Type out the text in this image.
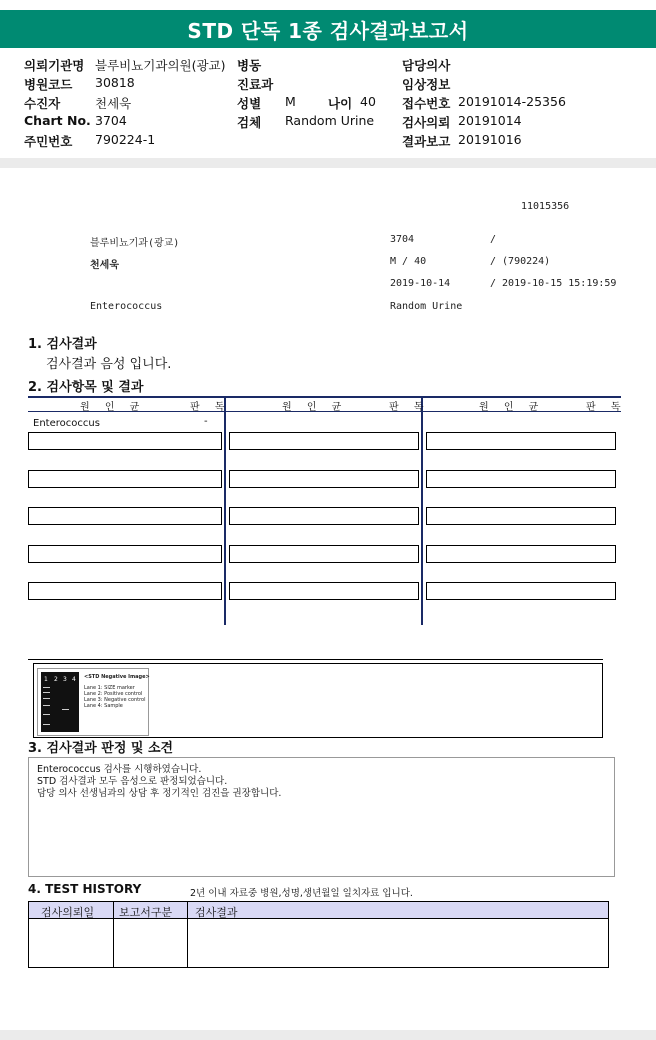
STD 단독 1종 검사결과보고서
의뢰기관명 블루비뇨기과의원(광교) 병동	담당의사
병원코드 30818	진료과	임상정보
수진자	천세욱	성별 M	나이 40 접수번호 20191014-25356
Chart No. 3704	검체 Random Urine 검사의뢰 20191014
주민번호 790224-1	결과보고 20191016
11015356
블루비뇨기과(광교)	3704	/
천세욱	M / 40	/ (790224)
2019-10-14	/ 2019-10-15 15:19:59
Enterococcus	Random Urine
1. 검사결과
검사결과 음성 입니다.
2. 검사항목 및 결과
원 인 균	판 독	원 인 균	판 독	원 인 균	판 독
Enterococcus	-
1 2 3 4 <STD Negative Image>
Lane 1: SIZE marker
Lane 2: Positive control
Lane 3: Negative control
Lane 4: Sample
3. 검사결과 판정 및 소견
Enterococcus 검사를 시행하였습니다.
STD 검사결과 모두 음성으로 판정되었습니다.
담당 의사 선생님과의 상담 후 정기적인 검진을 권장합니다.
4. TEST HISTORY	2년 이내 자료중 병원,성명,생년월일 일치자료 입니다.
검사의뢰일 보고서구분 검사결과
